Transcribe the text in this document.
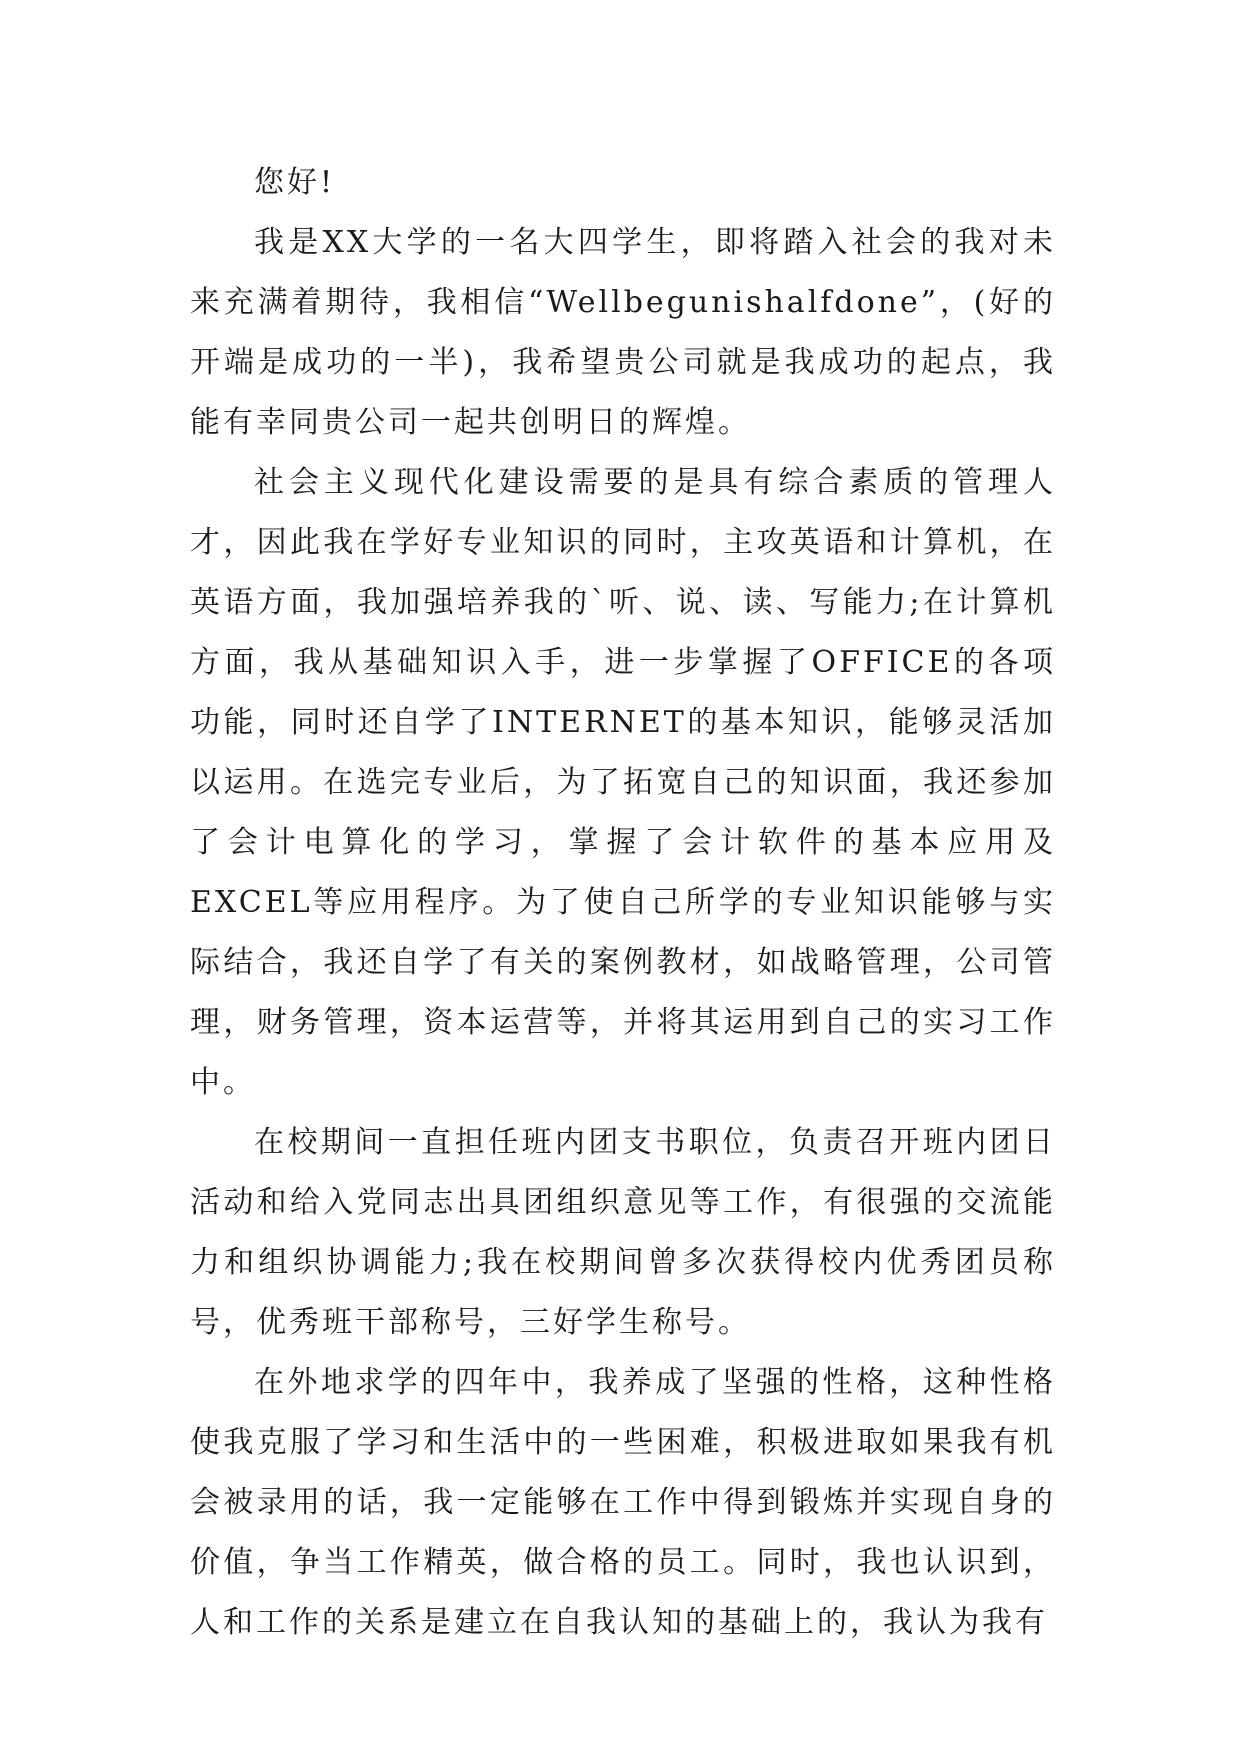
您好!

我是XX大学的一名大四学生，即将踏入社会的我对未来充满着期待，我相信“Wellbegunishalfdone”，(好的开端是成功的一半)，我希望贵公司就是我成功的起点，我能有幸同贵公司一起共创明日的辉煌。

社会主义现代化建设需要的是具有综合素质的管理人才，因此我在学好专业知识的同时，主攻英语和计算机，在英语方面，我加强培养我的`听、说、读、写能力;在计算机方面，我从基础知识入手，进一步掌握了OFFICE的各项功能，同时还自学了INTERNET的基本知识，能够灵活加以运用。在选完专业后，为了拓宽自己的知识面，我还参加了会计电算化的学习，掌握了会计软件的基本应用及EXCEL等应用程序。为了使自己所学的专业知识能够与实际结合，我还自学了有关的案例教材，如战略管理，公司管理，财务管理，资本运营等，并将其运用到自己的实习工作中。

在校期间一直担任班内团支书职位，负责召开班内团日活动和给入党同志出具团组织意见等工作，有很强的交流能力和组织协调能力;我在校期间曾多次获得校内优秀团员称号，优秀班干部称号，三好学生称号。

在外地求学的四年中，我养成了坚强的性格，这种性格使我克服了学习和生活中的一些困难，积极进取如果我有机会被录用的话，我一定能够在工作中得到锻炼并实现自身的价值，争当工作精英，做合格的员工。同时，我也认识到，人和工作的关系是建立在自我认知的基础上的，我认为我有
